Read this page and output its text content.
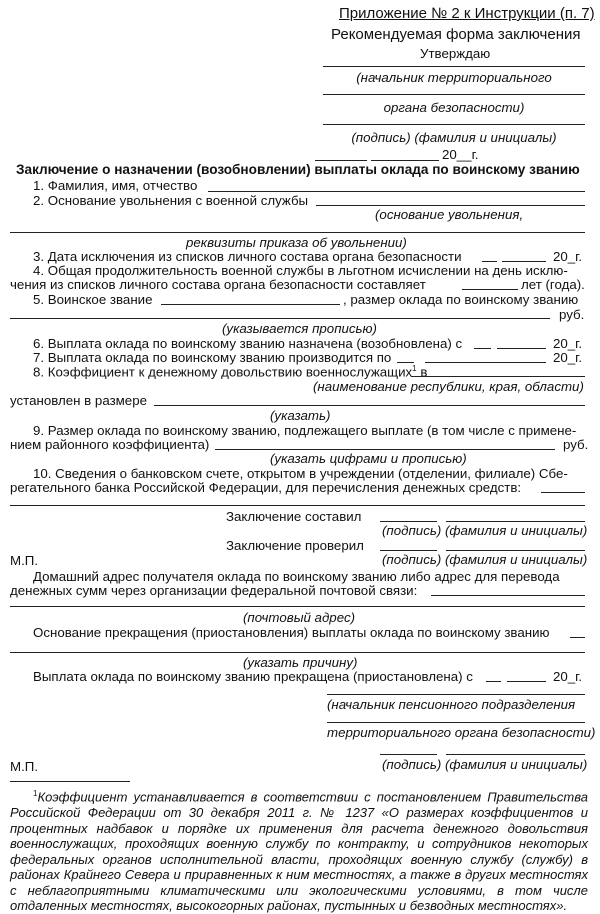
Приложение № 2 к Инструкции (п. 7)
Рекомендуемая форма заключения
Утверждаю
(начальник территориального
органа безопасности)
(подпись) (фамилия и инициалы)
20__г.
Заключение о назначении (возобновлении) выплаты оклада по воинскому званию
1. Фамилия, имя, отчество
2. Основание увольнения с военной службы
(основание увольнения,
реквизиты приказа об увольнении)
3. Дата исключения из списков личного состава органа безопасности	20_г.
4. Общая продолжительность военной службы в льготном исчислении на день исклю-
чения из списков личного состава органа безопасности составляет	лет (года).
5. Воинское звание	, размер оклада по воинскому званию
руб.
(указывается прописью)
6. Выплата оклада по воинскому званию назначена (возобновлена) с	20_г.
7. Выплата оклада по воинскому званию производится по	20_г.
8. Коэффициент к денежному довольствию военнослужащих$^1$ в
(наименование республики, края, области)
установлен в размере
(указать)
9. Размер оклада по воинскому званию, подлежащего выплате (в том числе с примене-
нием районного коэффициента)	руб.
(указать цифрами и прописью)
10. Сведения о банковском счете, открытом в учреждении (отделении, филиале) Сбе-
регательного банка Российской Федерации, для перечисления денежных средств:
Заключение составил
(подпись) (фамилия и инициалы)
Заключение проверил
М.П.	(подпись) (фамилия и инициалы)
Домашний адрес получателя оклада по воинскому званию либо адрес для перевода
денежных сумм через организации федеральной почтовой связи:
(почтовый адрес)
Основание прекращения (приостановления) выплаты оклада по воинскому званию
(указать причину)
Выплата оклада по воинскому званию прекращена (приостановлена) с	20_г.
(начальник пенсионного подразделения
территориального органа безопасности)
М.П.	(подпись) (фамилия и инициалы)
$^1$Коэффициент устанавливается в соответствии с постановлением Правительства Российской Федерации от 30 декабря 2011 г. № 1237 «О размерах коэффициентов и процентных надбавок и порядке их применения для расчета денежного довольствия военнослужащих, проходящих военную службу по контракту, и сотрудников некоторых федеральных органов исполнительной власти, проходящих военную службу (службу) в районах Крайнего Севера и приравненных к ним местностях, а также в других местностях с неблагоприятными климатическими или экологическими условиями, в том числе отдаленных местностях, высокогорных районах, пустынных и безводных местностях».
